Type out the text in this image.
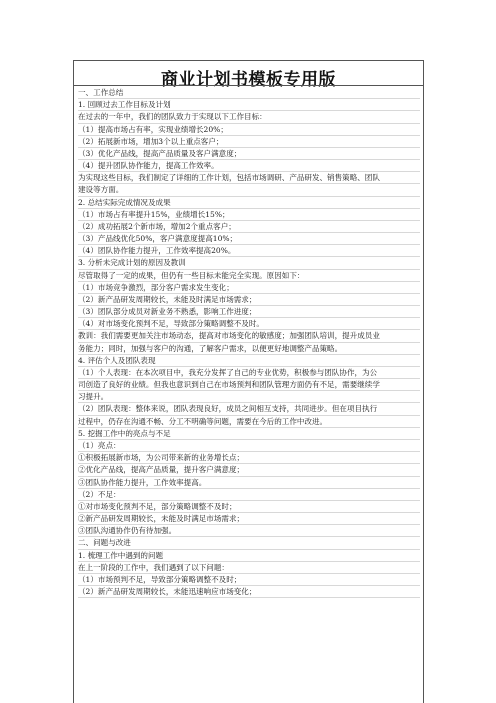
商业计划书模板专用版
一、工作总结
1. 回顾过去工作目标及计划
在过去的一年中，我们的团队致力于实现以下工作目标：
（1）提高市场占有率，实现业绩增长20%；
（2）拓展新市场，增加3个以上重点客户；
（3）优化产品线，提高产品质量及客户满意度；
（4）提升团队协作能力，提高工作效率。
为实现这些目标，我们制定了详细的工作计划，包括市场调研、产品研发、销售策略、团队
建设等方面。
2. 总结实际完成情况及成果
（1）市场占有率提升15%，业绩增长15%；
（2）成功拓展2个新市场，增加2个重点客户；
（3）产品线优化50%，客户满意度提高10%；
（4）团队协作能力提升，工作效率提高20%。
3. 分析未完成计划的原因及教训
尽管取得了一定的成果，但仍有一些目标未能完全实现。原因如下：
（1）市场竞争激烈，部分客户需求发生变化；
（2）新产品研发周期较长，未能及时满足市场需求；
（3）团队部分成员对新业务不熟悉，影响工作进度；
（4）对市场变化预判不足，导致部分策略调整不及时。
教训：我们需要更加关注市场动态，提高对市场变化的敏感度；加强团队培训，提升成员业
务能力；同时，加强与客户的沟通，了解客户需求，以便更好地调整产品策略。
4. 评估个人及团队表现
（1）个人表现：在本次项目中，我充分发挥了自己的专业优势，积极参与团队协作，为公
司创造了良好的业绩。但我也意识到自己在市场预判和团队管理方面仍有不足，需要继续学
习提升。
（2）团队表现：整体来说，团队表现良好，成员之间相互支持，共同进步。但在项目执行
过程中，仍存在沟通不畅、分工不明确等问题，需要在今后的工作中改进。
5. 挖掘工作中的亮点与不足
（1）亮点：
①积极拓展新市场，为公司带来新的业务增长点；
②优化产品线，提高产品质量，提升客户满意度；
③团队协作能力提升，工作效率提高。
（2）不足：
①对市场变化预判不足，部分策略调整不及时；
②新产品研发周期较长，未能及时满足市场需求；
③团队沟通协作仍有待加强。
二、问题与改进
1. 梳理工作中遇到的问题
在上一阶段的工作中，我们遇到了以下问题：
（1）市场预判不足，导致部分策略调整不及时；
（2）新产品研发周期较长，未能迅速响应市场变化；
